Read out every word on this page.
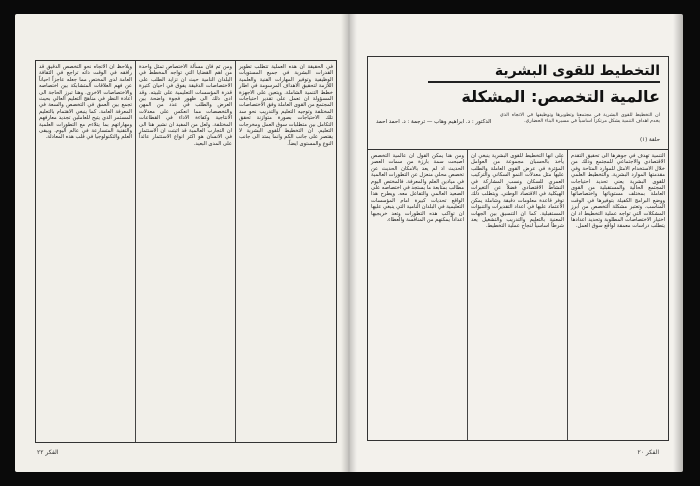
في الحقيقة ان هذه العملية تتطلب تطوير القدرات البشرية في جميع المستويات الوظيفية وتوفير المهارات الفنية والعلمية اللازمة لتحقيق الاهداف المرسومة في اطار خطط التنمية الشاملة. ويتعين على الاجهزة المسؤولة ان تعمل على تقدير احتياجات المجتمع من القوى العاملة وفق الاختصاصات المختلفة وتوجيه التعليم والتدريب نحو سد تلك الاحتياجات بصورة متوازنة تحقق التكامل بين متطلبات سوق العمل ومخرجات التعليم. ان التخطيط للقوى البشرية لا يقتصر على جانب الكم وانما يمتد الى جانب النوع والمستوى ايضاً.

ومن ثم فان مسألة الاختصاص تمثل واحدة من اهم القضايا التي تواجه المخطط في البلدان النامية حيث ان تزايد الطلب على الاختصاصات الدقيقة يفوق في احيان كثيرة قدرة المؤسسات التعليمية على تلبيته. وقد ادى ذلك الى ظهور فجوة واضحة بين العرض والطلب في عدد من المهن والتخصصات مما انعكس على معدلات الانتاجية وكفاءة الاداء في القطاعات المختلفة. ولعل من المفيد ان نشير هنا الى ان التجارب العالمية قد اثبتت ان الاستثمار في الانسان هو اكثر انواع الاستثمار عائداً على المدى البعيد.

ويلاحظ ان الاتجاه نحو التخصص الدقيق قد رافقه في الوقت ذاته تراجع في الثقافة العامة لدى المختص مما جعله عاجزاً احياناً عن فهم العلاقات المتشابكة بين اختصاصه والاختصاصات الاخرى. وهنا تبرز الحاجة الى اعادة النظر في مناهج التعليم العالي بحيث تجمع بين العمق في التخصص والسعة في المعرفة العامة. كما ينبغي الاهتمام بالتعليم المستمر الذي يتيح للعاملين تجديد معارفهم ومهاراتهم بما يتلاءم مع التطورات العلمية والتقنية المتسارعة في عالم اليوم. ويبقى العلم والتكنولوجيا في قلب هذه المعادلة.

الفكر ٢٢
التخطيط للقوى البشرية
عالمية التخصص: المشكلة
ان التخطيط للقوى البشرية في مجتمعنا وتطويرها وتوظيفها في الاتجاه الذي يخدم اهداف التنمية يشكل مرتكزاً اساسياً في مسيرة البناء الحضاري.
الدكتور : د. ابراهيم وهاب — ترجمة : د. احمد احمد
حلقة (١)

التنمية تهدف في جوهرها الى تحقيق التقدم الاقتصادي والاجتماعي للمجتمع وذلك من خلال الاستخدام الامثل للموارد المتاحة وفي مقدمتها الموارد البشرية. والتخطيط العلمي للقوى البشرية يعني تحديد احتياجات المجتمع الحالية والمستقبلية من القوى العاملة بمختلف مستوياتها واختصاصاتها ووضع البرامج الكفيلة بتوفيرها في الوقت المناسب. وتعتبر مشكلة التخصص من ابرز المشكلات التي تواجه عملية التخطيط اذ ان اختيار الاختصاصات المطلوبة وتحديد اعدادها يتطلب دراسات معمقة لواقع سوق العمل.

على انها التخطيط للقوى البشرية ينبغي ان يأخذ بالحسبان مجموعة من العوامل المؤثرة في عرض القوى العاملة والطلب عليها مثل معدلات النمو السكاني والتركيب العمري للسكان ونسب المشاركة في النشاط الاقتصادي فضلاً عن التغيرات الهيكلية في الاقتصاد الوطني. ويتطلب ذلك توفر قاعدة معلومات دقيقة وشاملة يمكن الاعتماد عليها في اعداد التقديرات والتنبؤات المستقبلية. كما ان التنسيق بين الجهات المعنية بالتعليم والتدريب والتشغيل يعد شرطاً اساسياً لنجاح عملية التخطيط.

ومن هنا يمكن القول ان عالمية التخصص اصبحت سمة بارزة من سمات العصر الحديث اذ لم يعد بالامكان الحديث عن تخصص محلي منعزل عن التطورات العالمية في ميادين العلم والمعرفة. فالمختص اليوم مطالب بمتابعة ما يستجد في اختصاصه على الصعيد العالمي والتفاعل معه. ويطرح هذا الواقع تحديات كبيرة امام المؤسسات التعليمية في البلدان النامية التي ينبغي عليها ان تواكب هذه التطورات وتعد خريجيها اعداداً يمكنهم من المنافسة والعطاء.

الفكر ٢٠
